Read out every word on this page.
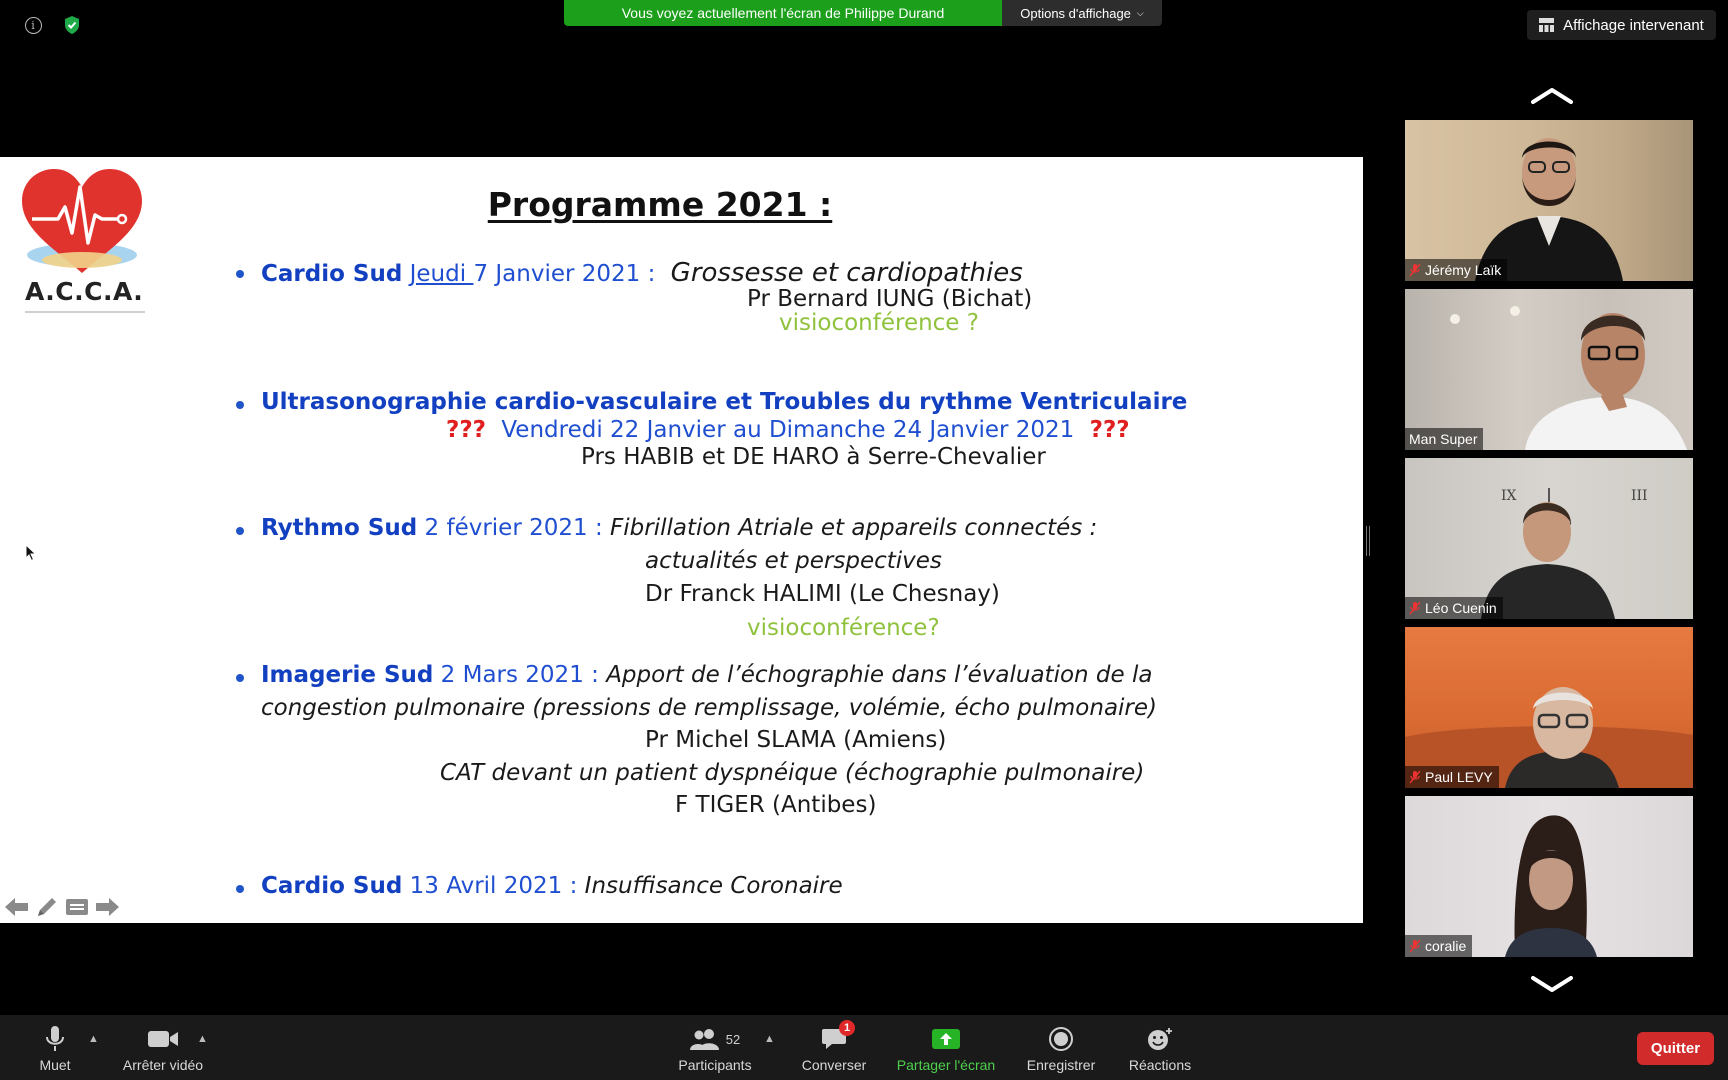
i
Vous voyez actuellement l'écran de Philippe Durand	Options d'affichage ⌵
Affichage intervenant
A.C.C.A.
Programme 2021 :
Cardio Sud Jeudi 7 Janvier 2021 : Grossesse et cardiopathies
Pr Bernard IUNG (Bichat)
visioconférence ?
Ultrasonographie cardio-vasculaire et Troubles du rythme Ventriculaire
??? Vendredi 22 Janvier au Dimanche 24 Janvier 2021 ???
Prs HABIB et DE HARO à Serre-Chevalier
Rythmo Sud 2 février 2021 : Fibrillation Atriale et appareils connectés :
actualités et perspectives
Dr Franck HALIMI (Le Chesnay)
visioconférence?
Imagerie Sud 2 Mars 2021 : Apport de l’échographie dans l’évaluation de la
congestion pulmonaire (pressions de remplissage, volémie, écho pulmonaire)
Pr Michel SLAMA (Amiens)
CAT devant un patient dyspnéique (échographie pulmonaire)
F TIGER (Antibes)
Cardio Sud 13 Avril 2021 : Insuffisance Coronaire
Jérémy Laïk
Man Super
IX	III
Léo Cuenin
Paul LEVY
coralie
Muet
▲
Arrêter vidéo
▲	52
Participants
▲
1
Converser Partager l'écran Enregistrer Réactions
Quitter
